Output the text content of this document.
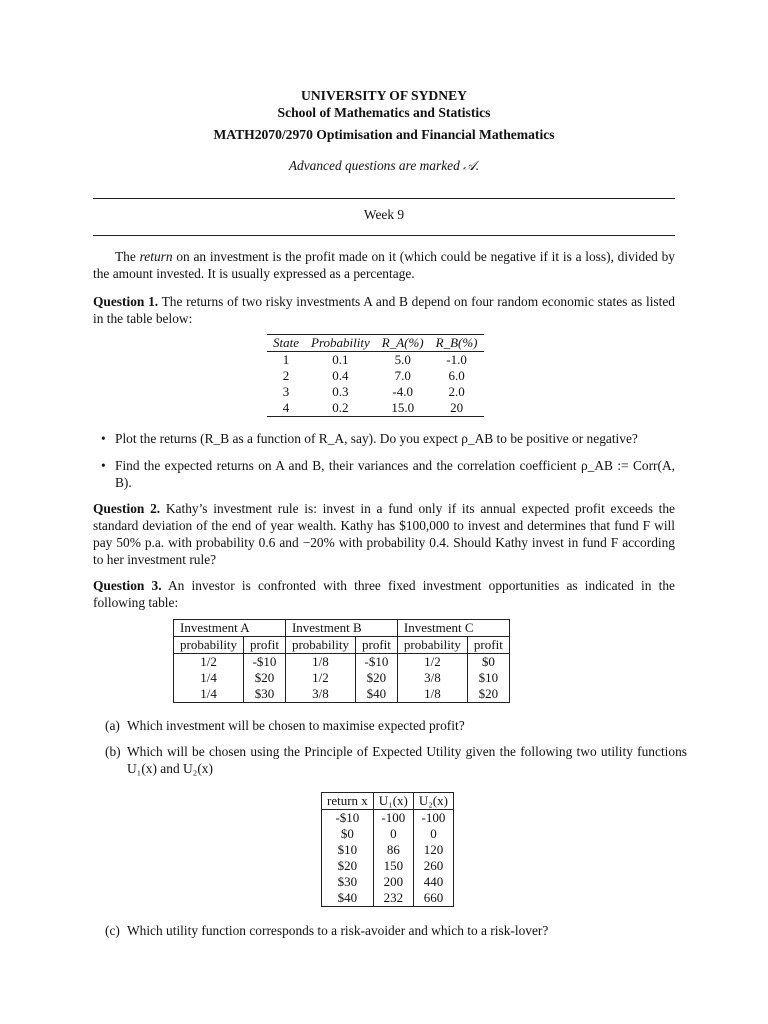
UNIVERSITY OF SYDNEY
School of Mathematics and Statistics
MATH2070/2970 Optimisation and Financial Mathematics
Advanced questions are marked 𝒜.
Week 9

The return on an investment is the profit made on it (which could be negative if it is a loss), divided by the amount invested. It is usually expressed as a percentage.

Question 1. The returns of two risky investments A and B depend on four random economic states as listed in the table below:

State	Probability	R_A(%)	R_B(%)
1	0.1	5.0	-1.0
2	0.4	7.0	6.0
3	0.3	-4.0	2.0
4	0.2	15.0	20
• Plot the returns (R_B as a function of R_A, say). Do you expect ρ_AB to be positive or negative?
• Find the expected returns on A and B, their variances and the correlation coefficient ρ_AB := Corr(A, B).

Question 2. Kathy’s investment rule is: invest in a fund only if its annual expected profit exceeds the standard deviation of the end of year wealth. Kathy has $100,000 to invest and determines that fund F will pay 50% p.a. with probability 0.6 and −20% with probability 0.4. Should Kathy invest in fund F according to her investment rule?

Question 3. An investor is confronted with three fixed investment opportunities as indicated in the following table:

Investment A		Investment B		Investment C	
probability	profit	probability	profit	probability	profit
1/2	-$10	1/8	-$10	1/2	$0
1/4	$20	1/2	$20	3/8	$10
1/4	$30	3/8	$40	1/8	$20
(a) Which investment will be chosen to maximise expected profit?
(b) Which will be chosen using the Principle of Expected Utility given the following two utility functions U₁(x) and U₂(x)
return x	U₁(x)	U₂(x)
-$10	-100	-100
$0	0	0
$10	86	120
$20	150	260
$30	200	440
$40	232	660
(c) Which utility function corresponds to a risk-avoider and which to a risk-lover?
